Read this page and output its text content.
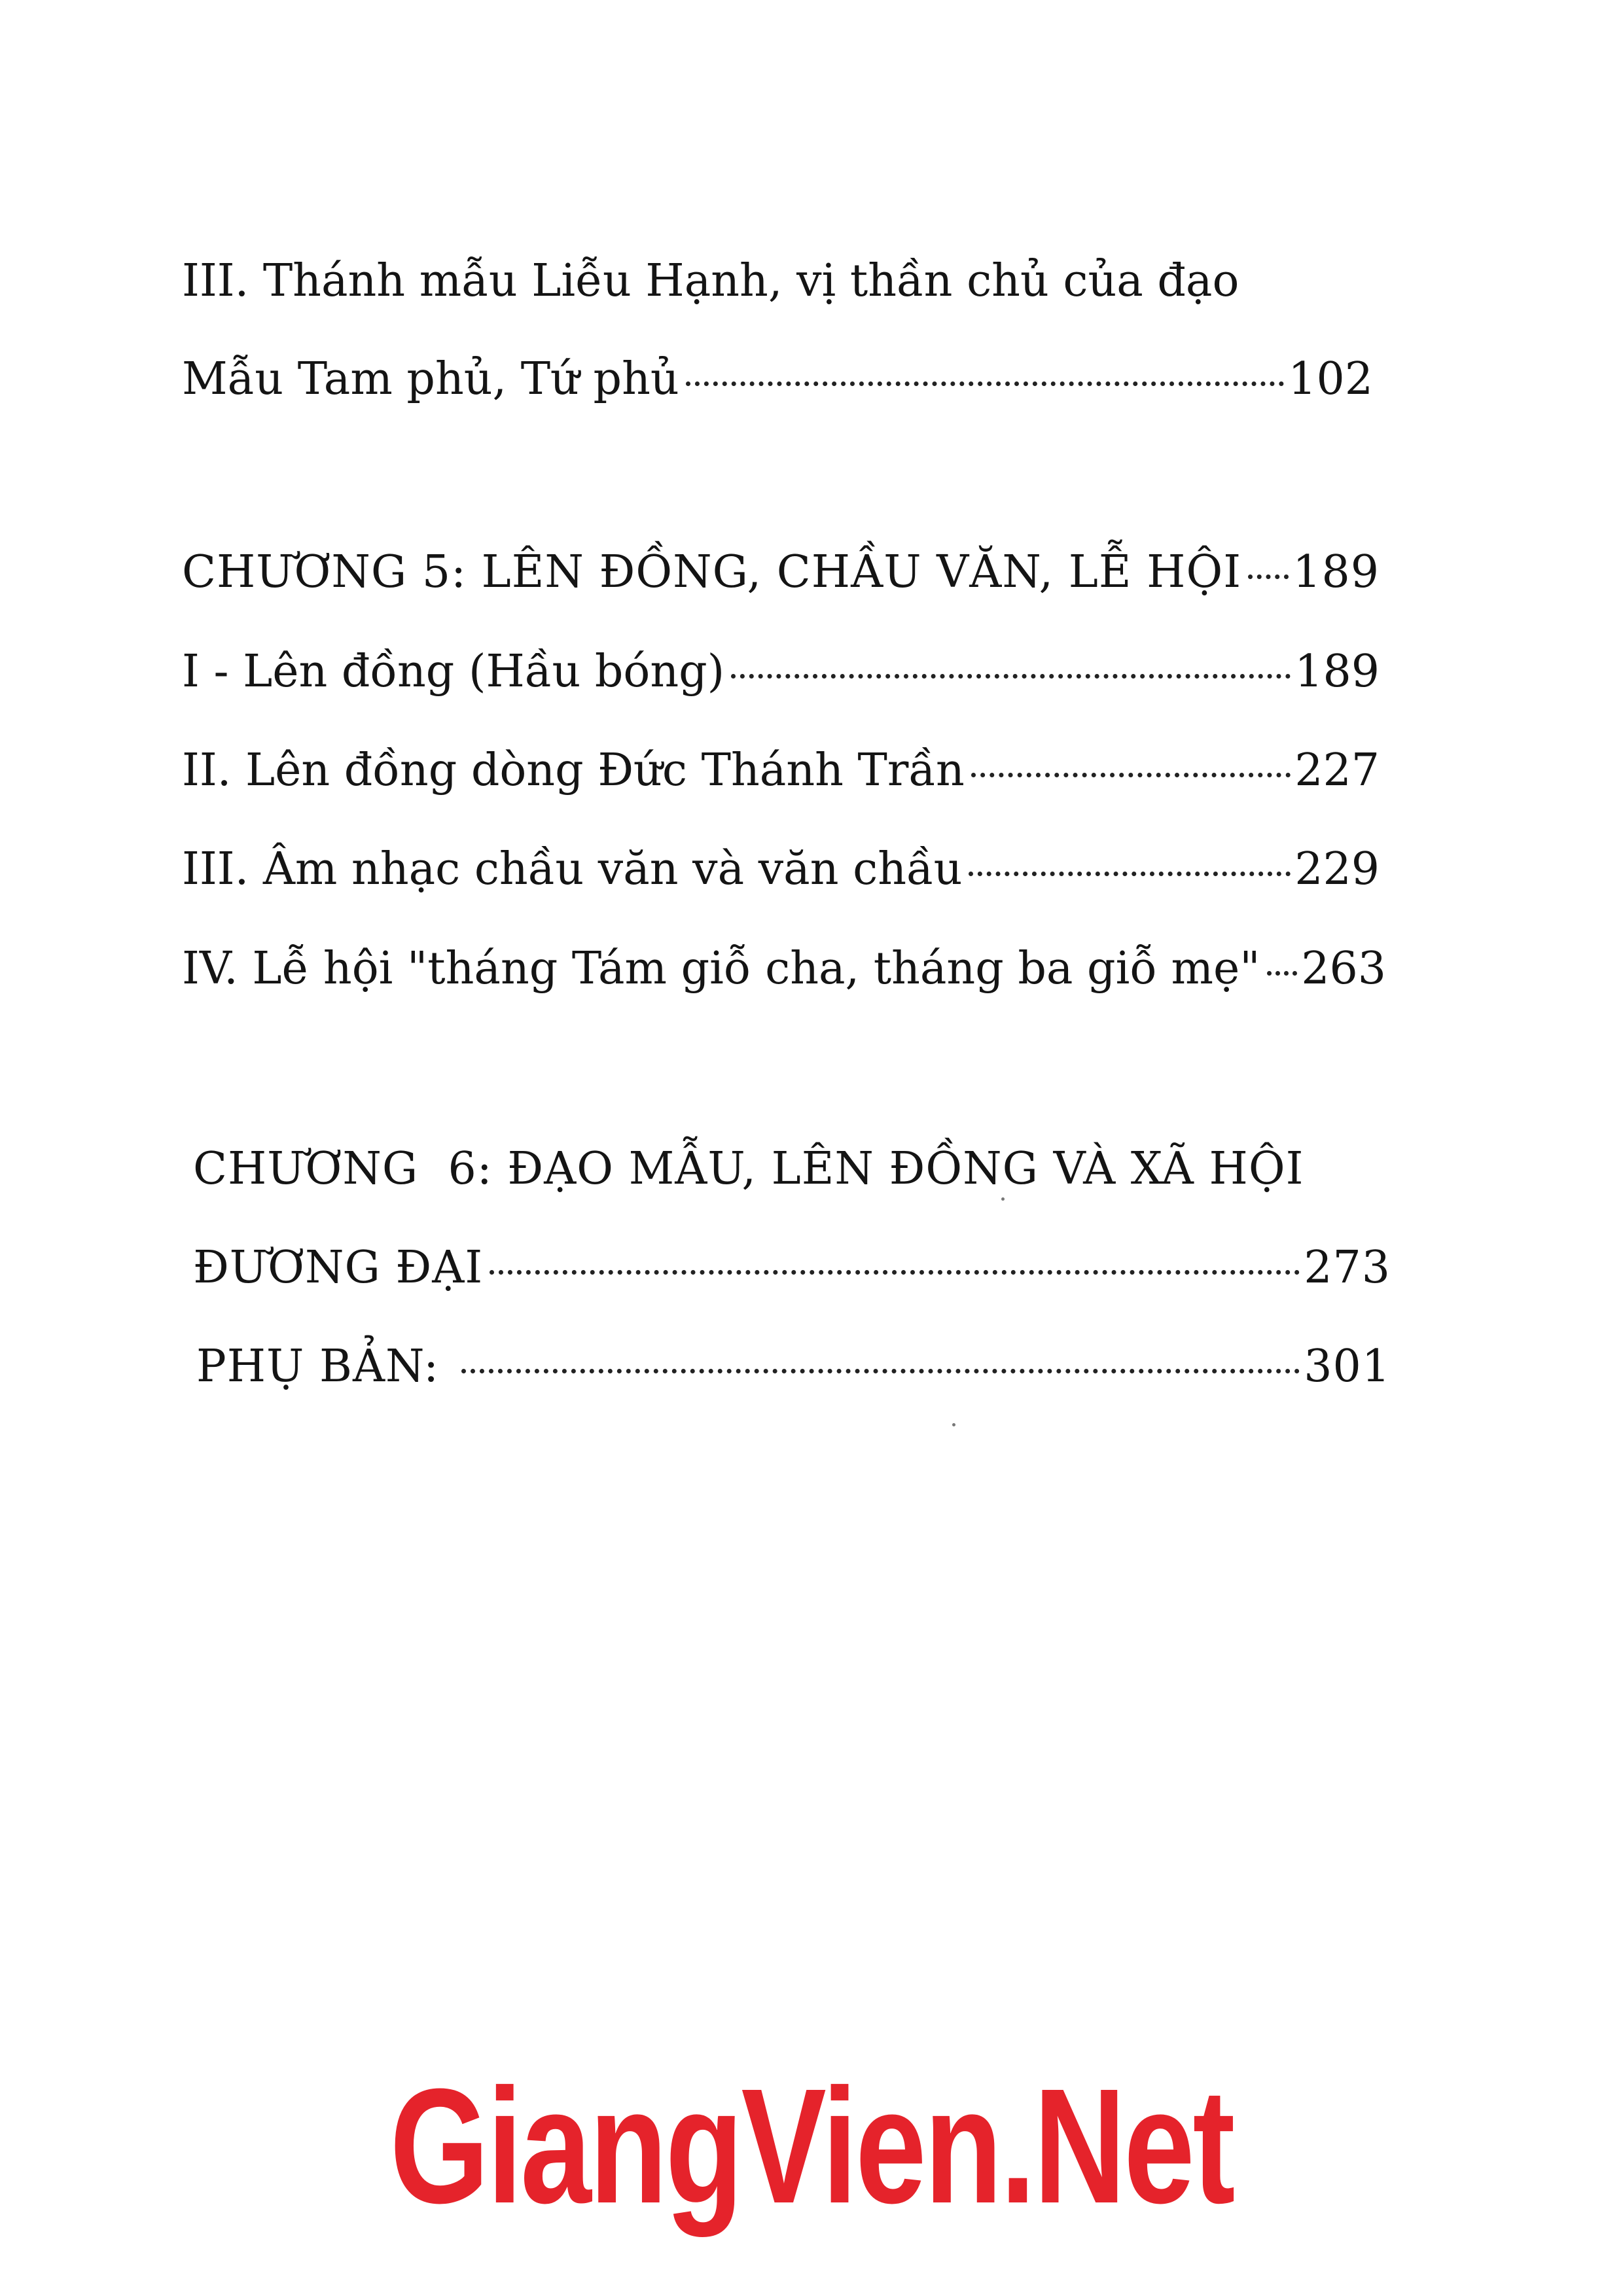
III. Thánh mẫu Liễu Hạnh, vị thần chủ của đạo
Mẫu Tam phủ, Tứ phủ	102
CHƯƠNG 5: LÊN ĐỒNG, CHẦU VĂN, LỄ HỘI 189
I - Lên đồng (Hầu bóng)	189
II. Lên đồng dòng Đức Thánh Trần	227
III. Âm nhạc chầu văn và văn chầu	229
IV. Lễ hội "tháng Tám giỗ cha, tháng ba giỗ mẹ" 263
CHƯƠNG  6: ĐẠO MẪU, LÊN ĐỒNG VÀ XÃ HỘI
ĐƯƠNG ĐẠI	273
PHỤ BẢN:	301
GiangVien.Net
